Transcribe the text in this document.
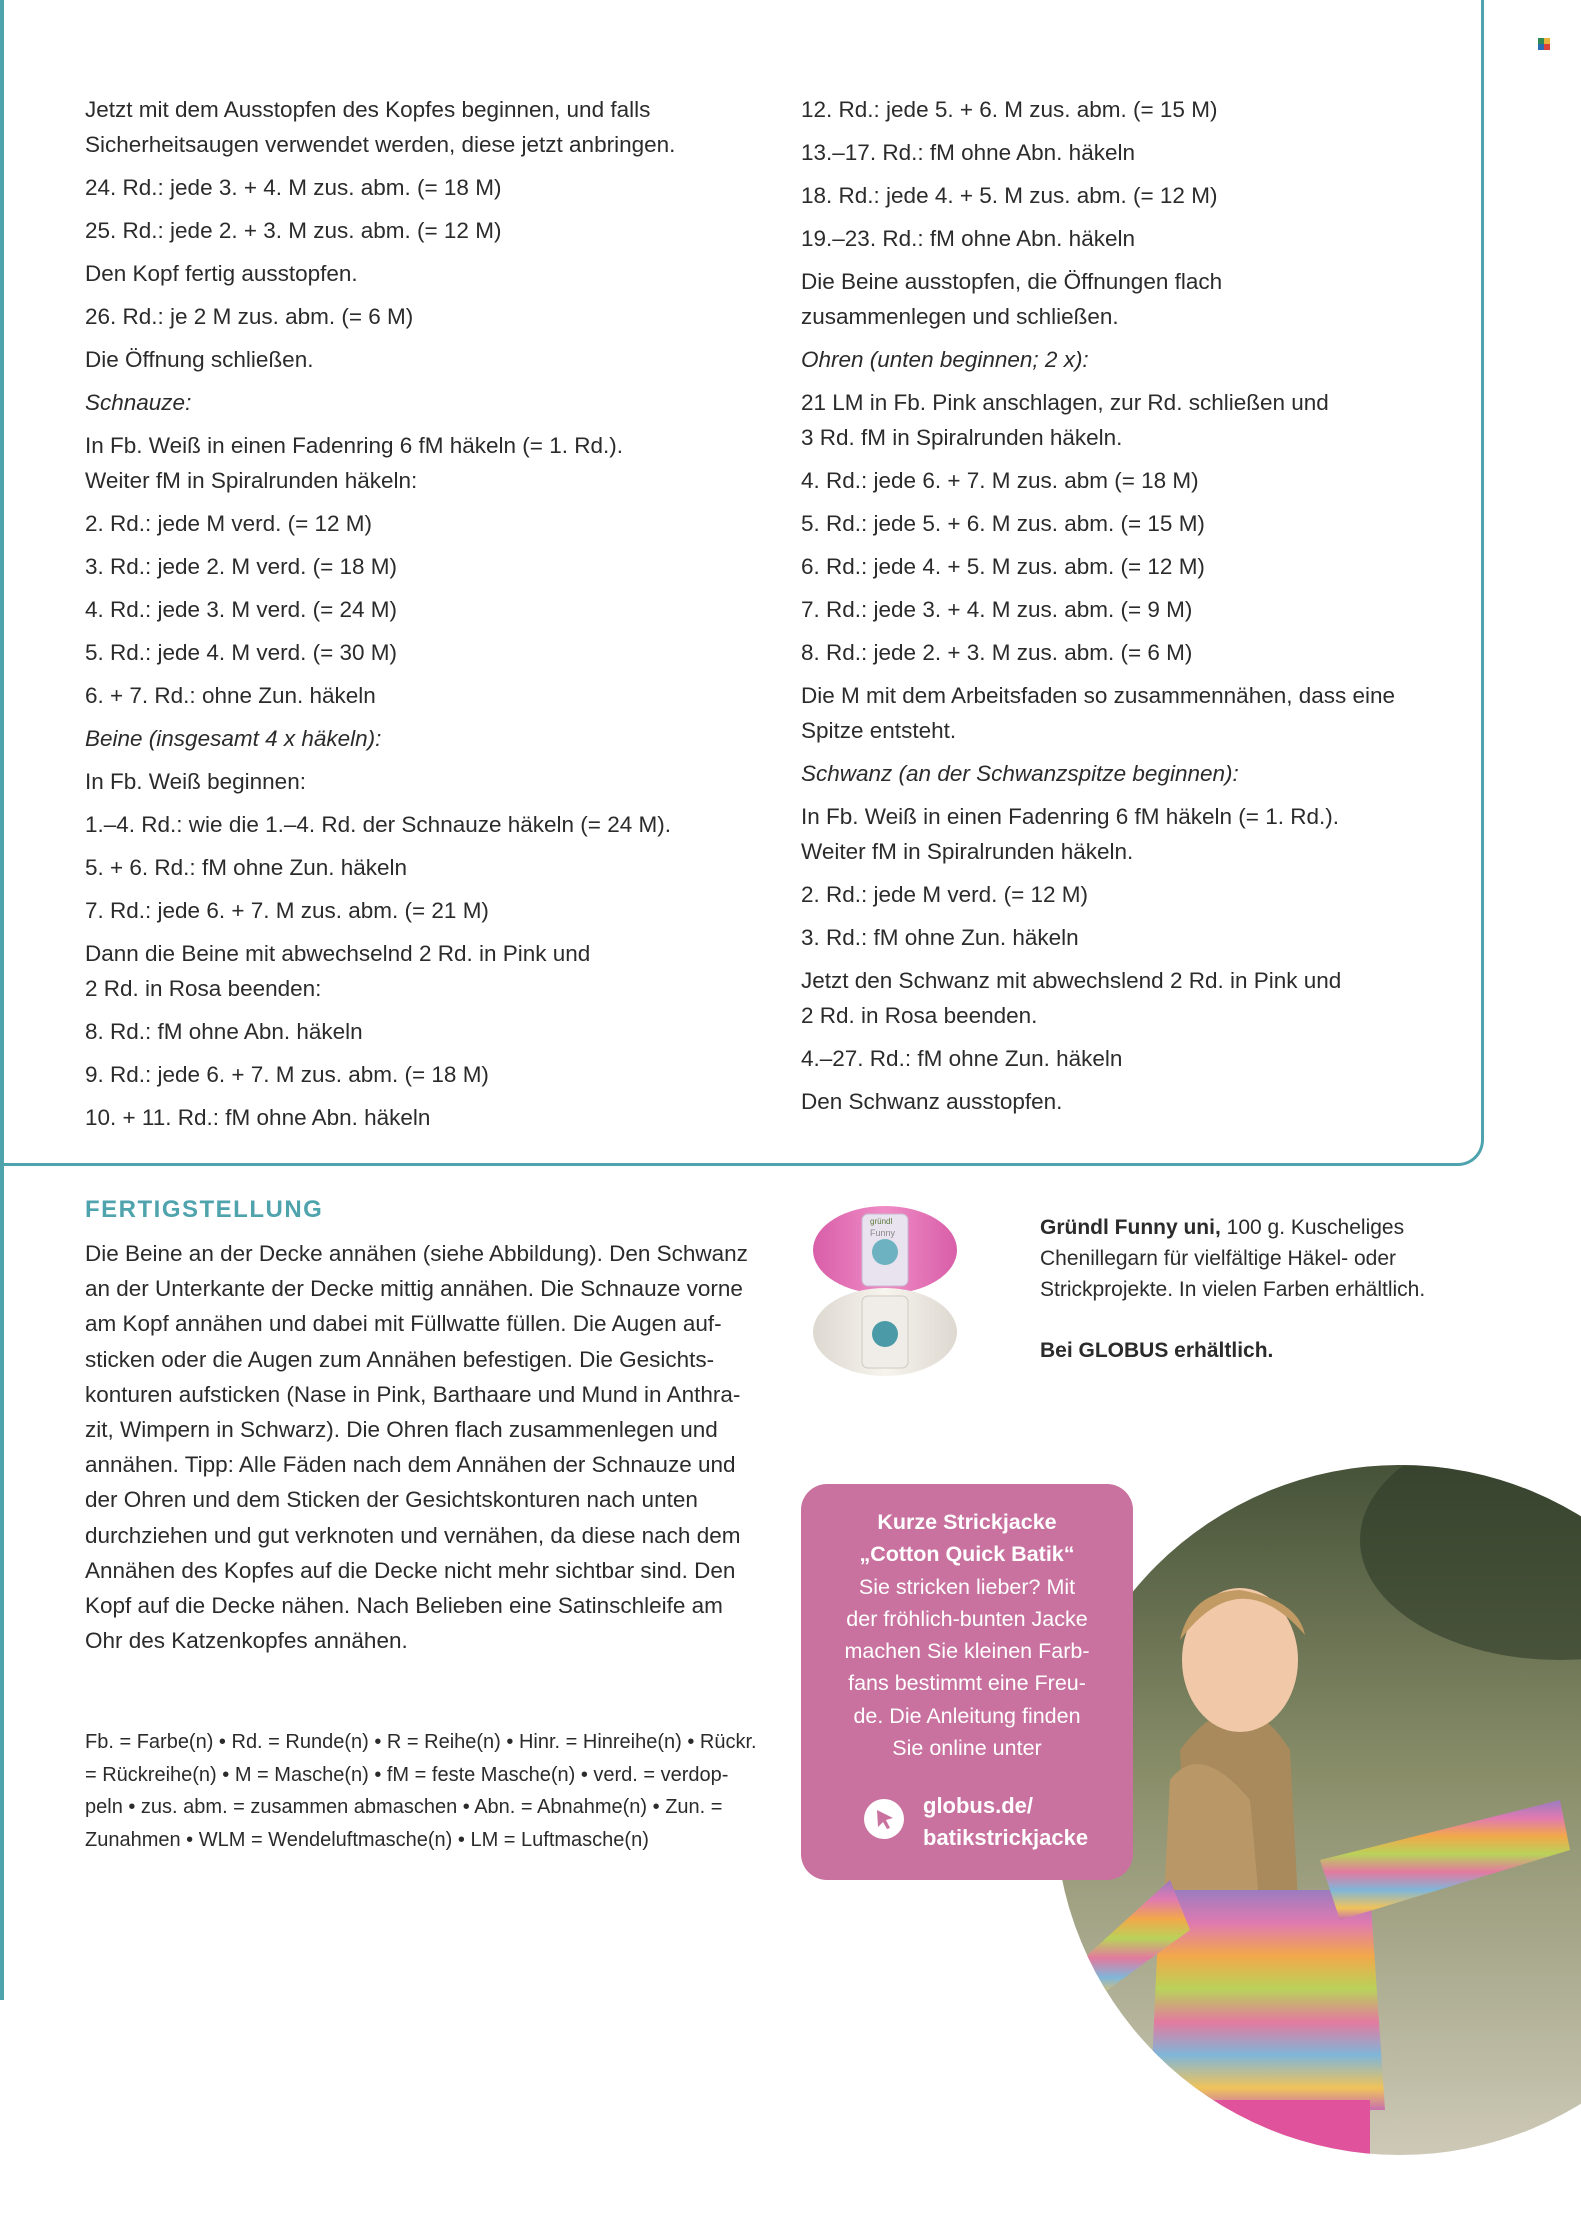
Jetzt mit dem Ausstopfen des Kopfes beginnen, und falls
Sicherheitsaugen verwendet werden, diese jetzt anbringen.
24. Rd.: jede 3. + 4. M zus. abm. (= 18 M)
25. Rd.: jede 2. + 3. M zus. abm. (= 12 M)
Den Kopf fertig ausstopfen.
26. Rd.: je 2 M zus. abm. (= 6 M)
Die Öffnung schließen.
Schnauze:
In Fb. Weiß in einen Fadenring 6 fM häkeln (= 1. Rd.).
Weiter fM in Spiralrunden häkeln:
2. Rd.: jede M verd. (= 12 M)
3. Rd.: jede 2. M verd. (= 18 M)
4. Rd.: jede 3. M verd. (= 24 M)
5. Rd.: jede 4. M verd. (= 30 M)
6. + 7. Rd.: ohne Zun. häkeln
Beine (insgesamt 4 x häkeln):
In Fb. Weiß beginnen:
1.–4. Rd.: wie die 1.–4. Rd. der Schnauze häkeln (= 24 M).
5. + 6. Rd.: fM ohne Zun. häkeln
7. Rd.: jede 6. + 7. M zus. abm. (= 21 M)
Dann die Beine mit abwechselnd 2 Rd. in Pink und
2 Rd. in Rosa beenden:
8. Rd.: fM ohne Abn. häkeln
9. Rd.: jede 6. + 7. M zus. abm. (= 18 M)
10. + 11. Rd.: fM ohne Abn. häkeln
12. Rd.: jede 5. + 6. M zus. abm. (= 15 M)
13.–17. Rd.: fM ohne Abn. häkeln
18. Rd.: jede 4. + 5. M zus. abm. (= 12 M)
19.–23. Rd.: fM ohne Abn. häkeln
Die Beine ausstopfen, die Öffnungen flach
zusammenlegen und schließen.
Ohren (unten beginnen; 2 x):
21 LM in Fb. Pink anschlagen, zur Rd. schließen und
3 Rd. fM in Spiralrunden häkeln.
4. Rd.: jede 6. + 7. M zus. abm (= 18 M)
5. Rd.: jede 5. + 6. M zus. abm. (= 15 M)
6. Rd.: jede 4. + 5. M zus. abm. (= 12 M)
7. Rd.: jede 3. + 4. M zus. abm. (= 9 M)
8. Rd.: jede 2. + 3. M zus. abm. (= 6 M)
Die M mit dem Arbeitsfaden so zusammennähen, dass eine
Spitze entsteht.
Schwanz (an der Schwanzspitze beginnen):
In Fb. Weiß in einen Fadenring 6 fM häkeln (= 1. Rd.).
Weiter fM in Spiralrunden häkeln.
2. Rd.: jede M verd. (= 12 M)
3. Rd.: fM ohne Zun. häkeln
Jetzt den Schwanz mit abwechslend 2 Rd. in Pink und
2 Rd. in Rosa beenden.
4.–27. Rd.: fM ohne Zun. häkeln
Den Schwanz ausstopfen.
FERTIGSTELLUNG
Die Beine an der Decke annähen (siehe Abbildung). Den Schwanz
an der Unterkante der Decke mittig annähen. Die Schnauze vorne
am Kopf annähen und dabei mit Füllwatte füllen. Die Augen auf-
sticken oder die Augen zum Annähen befestigen. Die Gesichts-
konturen aufsticken (Nase in Pink, Barthaare und Mund in Anthra-
zit, Wimpern in Schwarz). Die Ohren flach zusammenlegen und
annähen. Tipp: Alle Fäden nach dem Annähen der Schnauze und
der Ohren und dem Sticken der Gesichtskonturen nach unten
durchziehen und gut verknoten und vernähen, da diese nach dem
Annähen des Kopfes auf die Decke nicht mehr sichtbar sind. Den
Kopf auf die Decke nähen. Nach Belieben eine Satinschleife am
Ohr des Katzenkopfes annähen.
Fb. = Farbe(n) • Rd. = Runde(n) • R = Reihe(n) • Hinr. = Hinreihe(n) • Rückr.
= Rückreihe(n) • M = Masche(n) • fM = feste Masche(n) • verd. = verdop-
peln • zus. abm. = zusammen abmaschen • Abn. = Abnahme(n) • Zun. =
Zunahmen • WLM = Wendeluftmasche(n) • LM = Luftmasche(n)
gründl
Funny	Gründl Funny uni, 100 g. Kuscheliges
Chenillegarn für vielfältige Häkel- oder
Strickprojekte. In vielen Farben erhältlich.
Bei GLOBUS erhältlich.
Kurze Strickjacke
„Cotton Quick Batik“
Sie stricken lieber? Mit
der fröhlich-bunten Jacke
machen Sie kleinen Farb-
fans bestimmt eine Freu-
de. Die Anleitung finden
Sie online unter
globus.de/
batikstrickjacke
